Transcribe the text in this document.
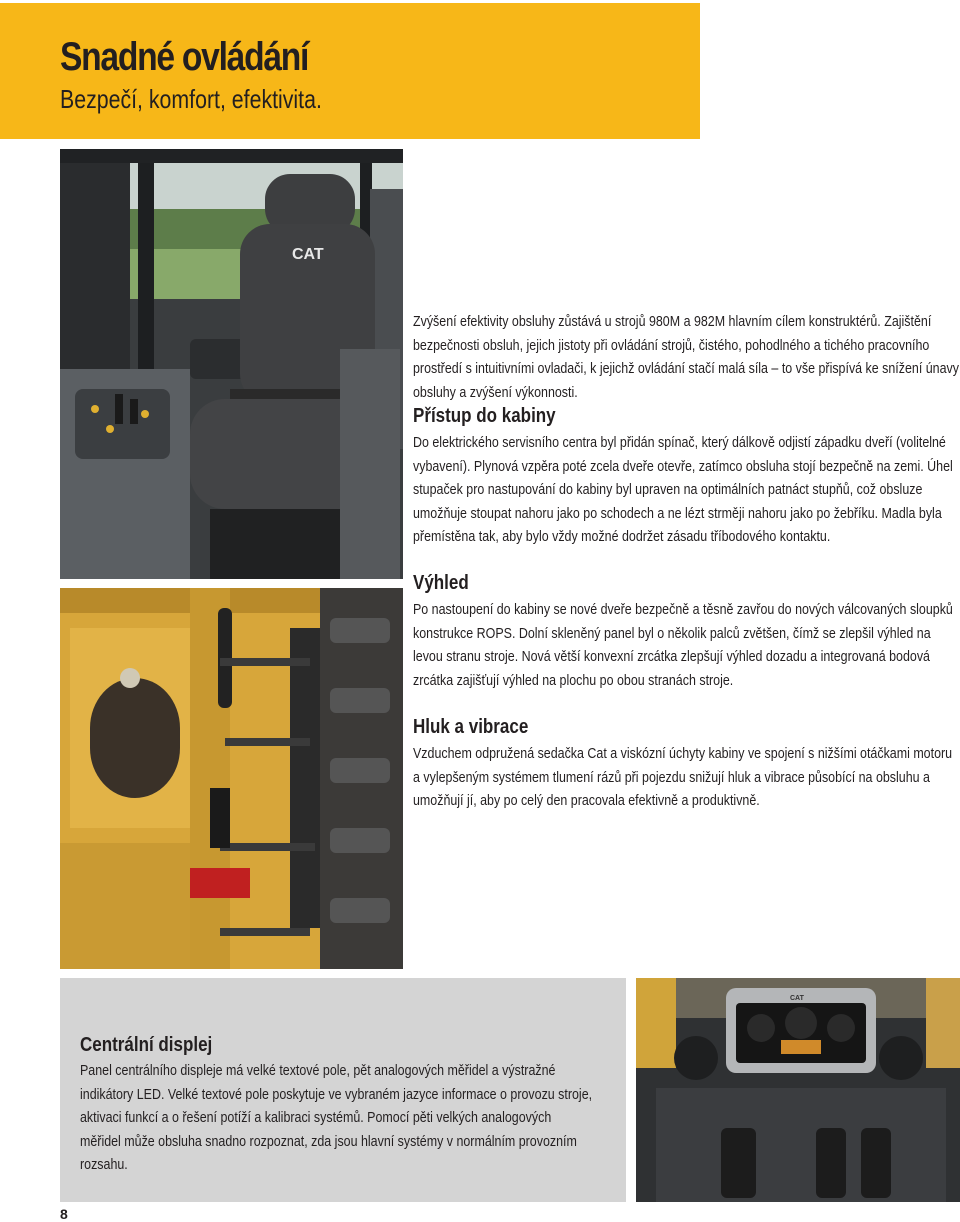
Snadné ovládání
Bezpečí, komfort, efektivita.
CAT
CAT

Zvýšení efektivity obsluhy zůstává u strojů 980M a 982M hlavním cílem konstruktérů. Zajištění bezpečnosti obsluh, jejich jistoty při ovládání strojů, čistého, pohodlného a tichého pracovního prostředí s intuitivními ovladači, k jejichž ovládání stačí malá síla – to vše přispívá ke snížení únavy obsluhy a zvýšení výkonnosti.

Přístup do kabiny

Do elektrického servisního centra byl přidán spínač, který dálkově odjistí západku dveří (volitelné vybavení). Plynová vzpěra poté zcela dveře otevře, zatímco obsluha stojí bezpečně na zemi. Úhel stupaček pro nastupování do kabiny byl upraven na optimálních patnáct stupňů, což obsluze umožňuje stoupat nahoru jako po schodech a ne lézt strměji nahoru jako po žebříku. Madla byla přemístěna tak, aby bylo vždy možné dodržet zásadu tříbodového kontaktu.

Výhled

Po nastoupení do kabiny se nové dveře bezpečně a těsně zavřou do nových válcovaných sloupků konstrukce ROPS. Dolní skleněný panel byl o několik palců zvětšen, čímž se zlepšil výhled na levou stranu stroje. Nová větší konvexní zrcátka zlepšují výhled dozadu a integrovaná bodová zrcátka zajišťují výhled na plochu po obou stranách stroje.

Hluk a vibrace

Vzduchem odpružená sedačka Cat a viskózní úchyty kabiny ve spojení s nižšími otáčkami motoru a vylepšeným systémem tlumení rázů při pojezdu snižují hluk a vibrace působící na obsluhu a umožňují jí, aby po celý den pracovala efektivně a produktivně.

Centrální displej

Panel centrálního displeje má velké textové pole, pět analogových měřidel a výstražné indikátory LED. Velké textové pole poskytuje ve vybraném jazyce informace o provozu stroje, aktivaci funkcí a o řešení potíží a kalibraci systémů. Pomocí pěti velkých analogových měřidel může obsluha snadno rozpoznat, zda jsou hlavní systémy v normálním provozním rozsahu.

8
